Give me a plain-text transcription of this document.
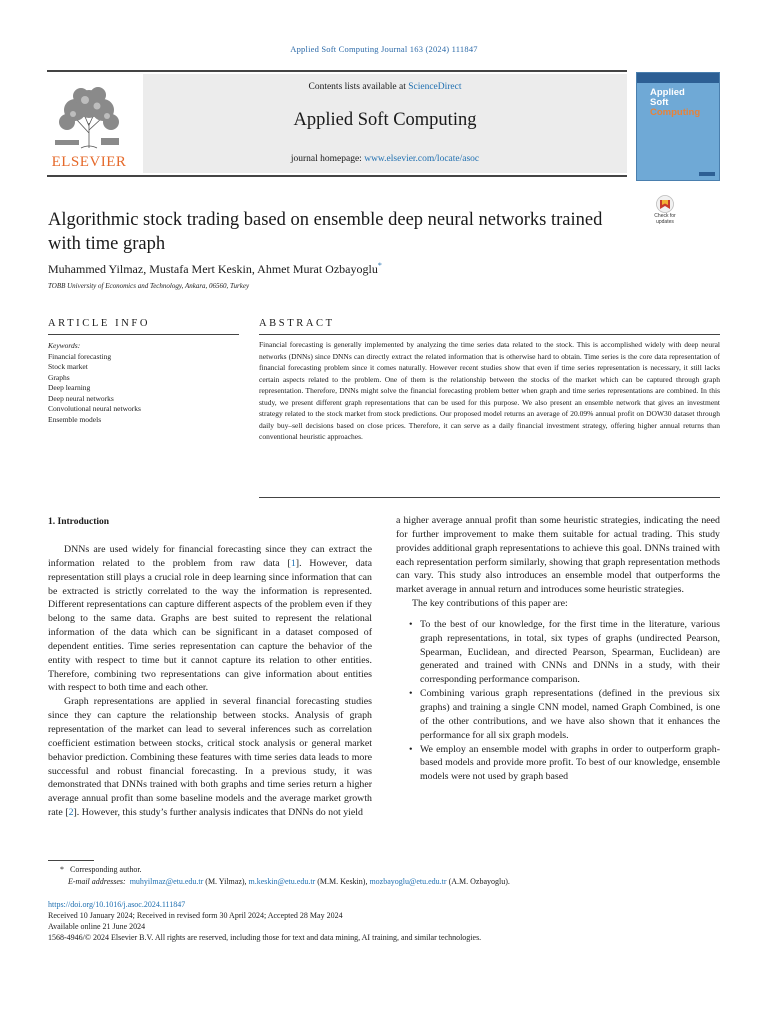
Applied Soft Computing Journal 163 (2024) 111847
ELSEVIER
Contents lists available at ScienceDirect
Applied Soft Computing
journal homepage: www.elsevier.com/locate/asoc
Applied
Soft
Computing
Algorithmic stock trading based on ensemble deep neural networks trained with time graph
Check for updates
Muhammed Yilmaz, Mustafa Mert Keskin, Ahmet Murat Ozbayoglu*
TOBB University of Economics and Technology, Ankara, 06560, Turkey
ARTICLE INFO	ABSTRACT
Keywords:
Financial forecasting
Stock market
Graphs
Deep learning
Deep neural networks
Convolutional neural networks
Ensemble models
Financial forecasting is generally implemented by analyzing the time series data related to the stock. This is accomplished widely with deep neural networks (DNNs) since DNNs can directly extract the related information that is otherwise hard to obtain. Time series is the core data representation of financial forecasting problem since it comes naturally. However recent studies show that even if time series representation is necessary, it still lacks certain aspects related to the problem. One of them is the relationship between the stocks of the market which can be captured through graph representation. Therefore, DNNs might solve the financial forecasting problem better when graph and time series representations are combined. In this study, we present different graph representations that can be used for this purpose. We also present an ensemble network that gives an investment strategy related to the stock market from stock predictions. Our proposed model returns an average of 20.09% annual profit on DOW30 dataset through daily buy–sell decisions based on close prices. Therefore, it can serve as a daily financial investment strategy, offering higher annual returns than conventional heuristic approaches.
1. Introduction

DNNs are used widely for financial forecasting since they can extract the information related to the problem from raw data [1]. However, data representation still plays a crucial role in deep learning since information that can be extracted is strictly correlated to the way the information is represented. Different representations can capture different aspects of the problem even if they belong to the same data. Graphs are best suited to represent the relational information of the data which can be significant in a dataset composed of dependent entities. Time series representation can capture the behavior of the entity with respect to time but it cannot capture its relation to other entities. Therefore, combining two representations can give information about entities with respect to both time and each other.

Graph representations are applied in several financial forecasting studies since they can capture the relationship between stocks. Analysis of graph representation of the market can lead to several inferences such as correlation coefficient estimation between stocks, critical stock analysis or general market behavior prediction. Combining these features with time series data leads to more successful and robust financial forecasting. In a previous study, it was demonstrated that DNNs trained with both graphs and time series return a higher average annual profit than some baseline models and the average market growth rate [2]. However, this study’s further analysis indicates that DNNs do not yield

a higher average annual profit than some heuristic strategies, indicating the need for further improvement to make them suitable for actual trading. This study provides additional graph representations to achieve this goal. DNNs trained with each representation perform similarly, showing that graph representation methods can vary. This study also introduces an ensemble model that outperforms the market average in annual return and introduces some heuristic strategies.

The key contributions of this paper are:

• To the best of our knowledge, for the first time in the literature, various graph representations, in total, six types of graphs (undirected Pearson, Spearman, Euclidean, and directed Pearson, Spearman, Euclidean) are generated and trained with CNNs and DNNs in a study, with their corresponding performance comparison.
• Combining various graph representations (defined in the previous six graphs) and training a single CNN model, named Graph Combined, is one of the other contributions, and we have also shown that it enhances the performance for all six graph models.
• We employ an ensemble model with graphs in order to outperform graph-based models and provide more profit. To best of our knowledge, ensemble models were not used by graph based
* Corresponding author.
E-mail addresses: muhyilmaz@etu.edu.tr (M. Yilmaz), m.keskin@etu.edu.tr (M.M. Keskin), mozbayoglu@etu.edu.tr (A.M. Ozbayoglu).
https://doi.org/10.1016/j.asoc.2024.111847
Received 10 January 2024; Received in revised form 30 April 2024; Accepted 28 May 2024
Available online 21 June 2024
1568-4946/© 2024 Elsevier B.V. All rights are reserved, including those for text and data mining, AI training, and similar technologies.
